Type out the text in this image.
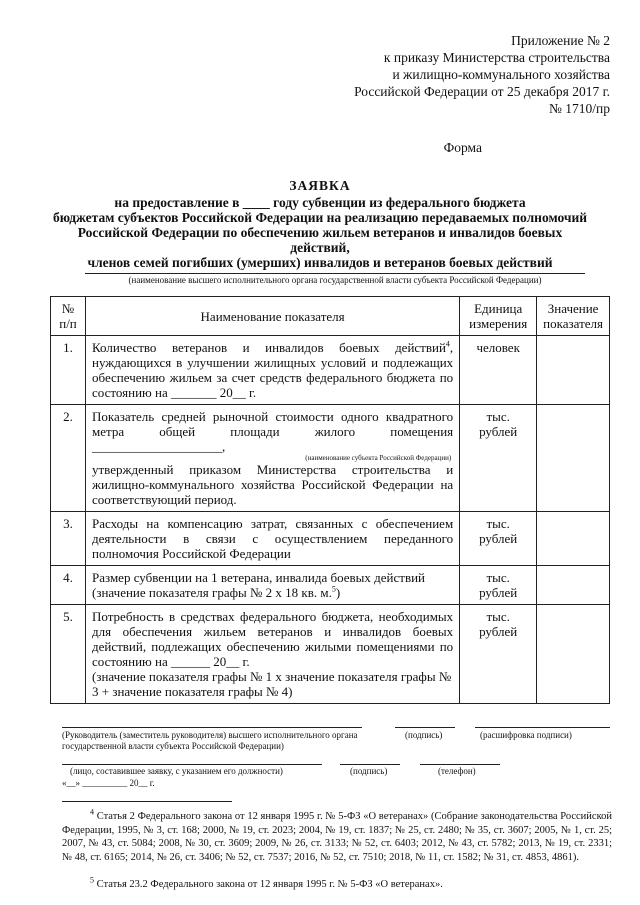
Приложение № 2
к приказу Министерства строительства
и жилищно-коммунального хозяйства
Российской Федерации от 25 декабря 2017 г.
№ 1710/пр
Форма
ЗАЯВКА
на предоставление в ____ году субвенции из федерального бюджета
бюджетам субъектов Российской Федерации на реализацию передаваемых полномочий
Российской Федерации по обеспечению жильем ветеранов и инвалидов боевых действий,
членов семей погибших (умерших) инвалидов и ветеранов боевых действий
(наименование высшего исполнительного органа государственной власти субъекта Российской Федерации)
№ п/п	Наименование показателя	Единица измерения	Значение показателя
1.	Количество ветеранов и инвалидов боевых действий$^4$, нуждающихся в улучшении жилищных условий и подлежащих обеспечению жильем за счет средств федерального бюджета по состоянию на _______ 20__ г.	человек	
2.	Показатель средней рыночной стоимости одного квадратного метра общей площади жилого помещения ____________________,
(наименование субъекта Российской Федерации)
утвержденный приказом Министерства строительства и жилищно-коммунального хозяйства Российской Федерации на соответствующий период.	тыс. рублей	
3.	Расходы на компенсацию затрат, связанных с обеспечением деятельности в связи с осуществлением переданного полномочия Российской Федерации	тыс. рублей	
4.	Размер субвенции на 1 ветерана, инвалида боевых действий (значение показателя графы № 2 x 18 кв. м.$^5$)	тыс. рублей	
5.	Потребность в средствах федерального бюджета, необходимых для обеспечения жильем ветеранов и инвалидов боевых действий, подлежащих обеспечению жилыми помещениями по состоянию на ______ 20__ г.
(значение показателя графы № 1 x значение показателя графы № 3 + значение показателя графы № 4)	тыс. рублей	
(Руководитель (заместитель руководителя) высшего исполнительного органа государственной власти субъекта Российской Федерации)
(подпись)	(расшифровка подписи)
(лицо, составившее заявку, с указанием его должности)	(подпись)	(телефон)
«__» __________ 20__ г.
$^4$ Статья 2 Федерального закона от 12 января 1995 г. № 5-ФЗ «О ветеранах» (Собрание законодательства Российской Федерации, 1995, № 3, ст. 168; 2000, № 19, ст. 2023; 2004, № 19, ст. 1837; № 25, ст. 2480; № 35, ст. 3607; 2005, № 1, ст. 25; 2007, № 43, ст. 5084; 2008, № 30, ст. 3609; 2009, № 26, ст. 3133; № 52, ст. 6403; 2012, № 43, ст. 5782; 2013, № 19, ст. 2331; № 48, ст. 6165; 2014, № 26, ст. 3406; № 52, ст. 7537; 2016, № 52, ст. 7510; 2018, № 11, ст. 1582; № 31, ст. 4853, 4861).
$^5$ Статья 23.2 Федерального закона от 12 января 1995 г. № 5-ФЗ «О ветеранах».
